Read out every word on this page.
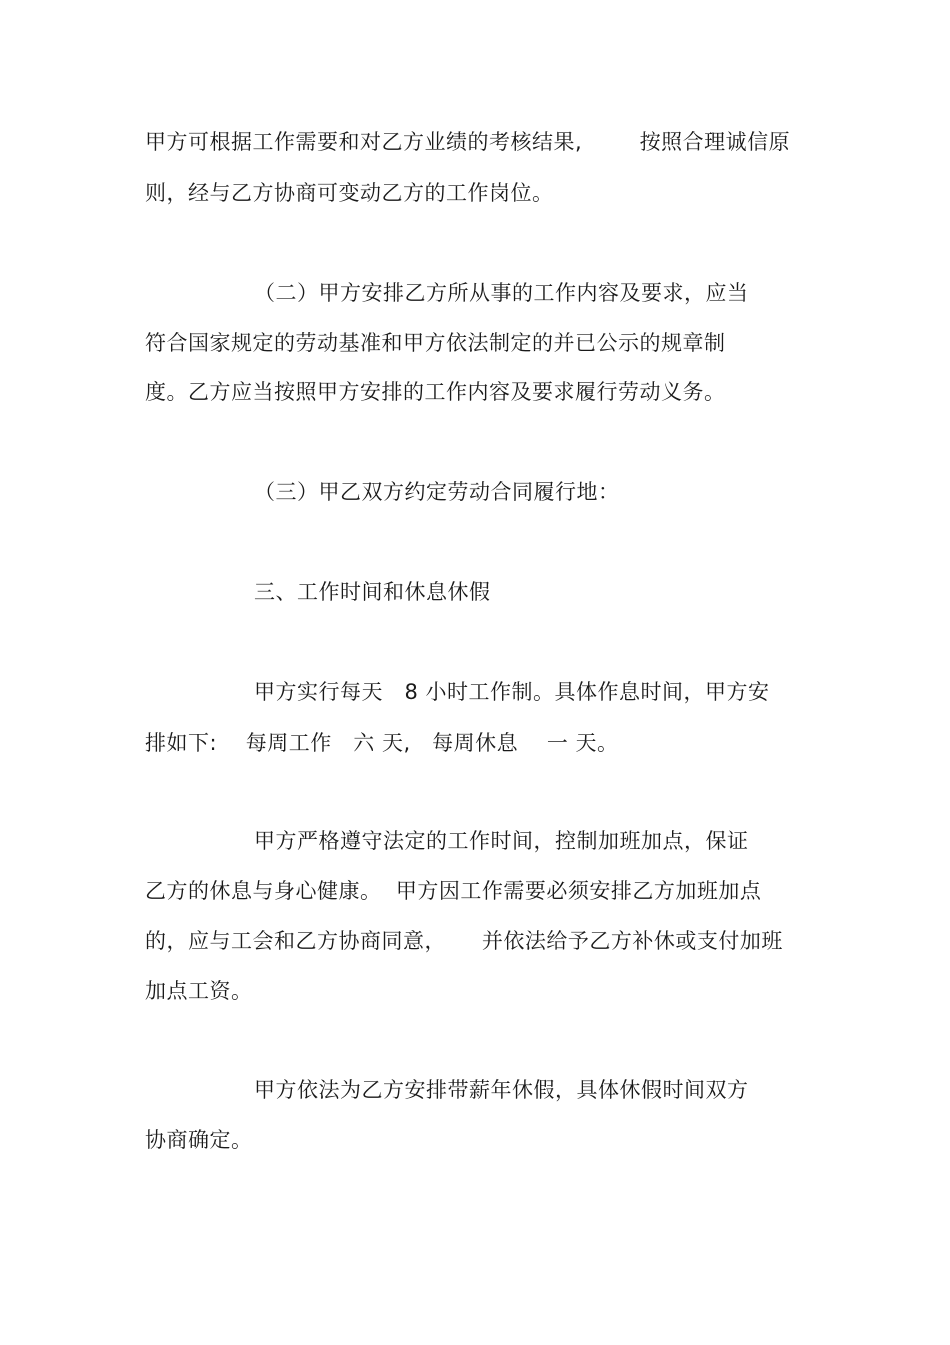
甲方可根据工作需要和对乙方业绩的考核结果,        按照合理诚信原
则，经与乙方协商可变动乙方的工作岗位。
（二）甲方安排乙方所从事的工作内容及要求，应当
符合国家规定的劳动基准和甲方依法制定的并已公示的规章制
度。乙方应当按照甲方安排的工作内容及要求履行劳动义务。
（三）甲乙双方约定劳动合同履行地：
三、工作时间和休息休假
甲方实行每天   8 小时工作制。具体作息时间，甲方安
排如下:    每周工作   六 天,   每周休息    一 天。
甲方严格遵守法定的工作时间，控制加班加点，保证
乙方的休息与身心健康。  甲方因工作需要必须安排乙方加班加点
的，应与工会和乙方协商同意，     并依法给予乙方补休或支付加班
加点工资。
甲方依法为乙方安排带薪年休假，具体休假时间双方
协商确定。
